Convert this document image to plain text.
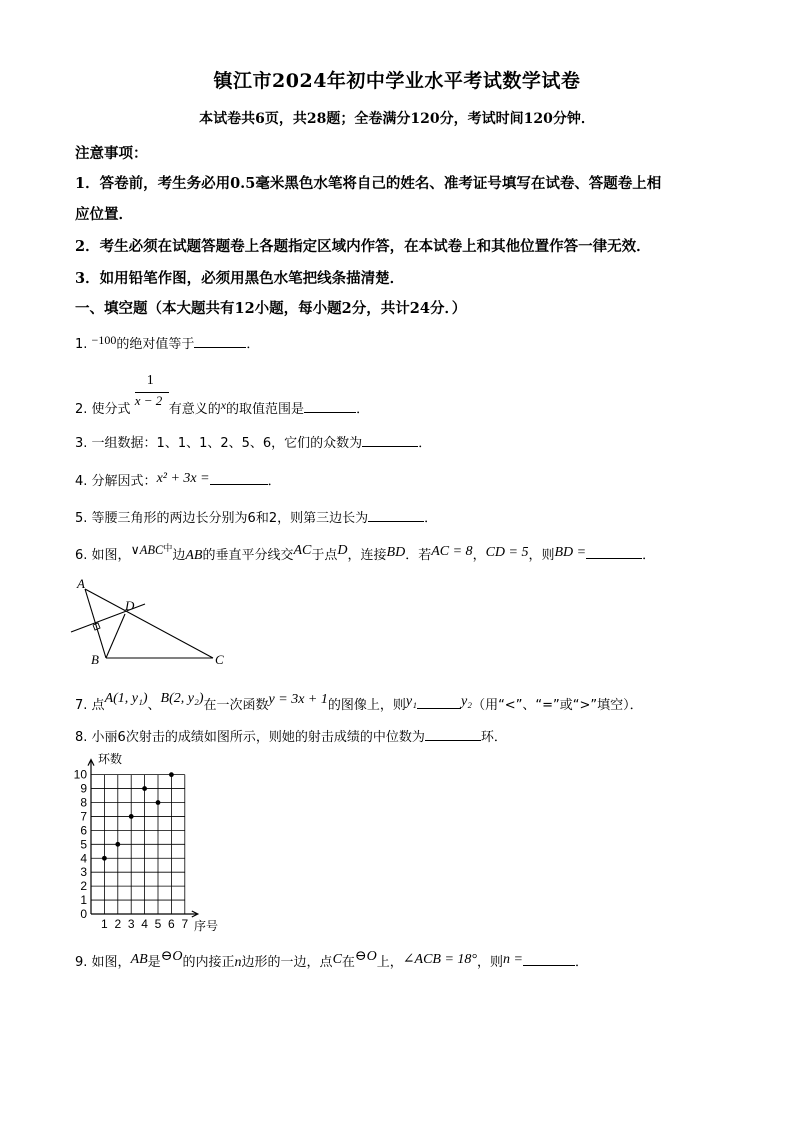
镇江市2024年初中学业水平考试数学试卷
本试卷共6页，共28题；全卷满分120分，考试时间120分钟．
注意事项：
1．答卷前，考生务必用0.5毫米黑色水笔将自己的姓名、准考证号填写在试卷、答题卷上相
应位置．
2．考生必须在试题答题卷上各题指定区域内作答，在本试卷上和其他位置作答一律无效．
3．如用铅笔作图，必须用黑色水笔把线条描清楚．
一、填空题（本大题共有12小题，每小题2分，共计24分．）
1. −100的绝对值等于	．
2. 使分式 $\frac{1}{x - 2}$ 有意义的x的取值范围是	．
3. 一组数据：1、1、1、2、5、6，它们的众数为	．
4. 分解因式：x² + 3x =	．
5. 等腰三角形的两边长分别为6和2，则第三边长为	．
6. 如图，$\vee ABC^中$边AB的垂直平分线交AC于点D，连接BD．若AC = 8，CD = 5，则BD =	．
A
D
B	C
7. 点A(1, y₁)、B(2, y₂)在一次函数y = 3x + 1的图像上，则y₁	y₂（用“<”、“=”或“>”填空）．
8. 小丽6次射击的成绩如图所示，则她的射击成绩的中位数为	环．
0
1
2
3
4
5
6
7
8
9
10
1 2 3 4 5 6 7
环数
序号
9. 如图，AB是⊖O的内接正n边形的一边，点C在⊖O上，∠ACB = 18°，则n =	．
